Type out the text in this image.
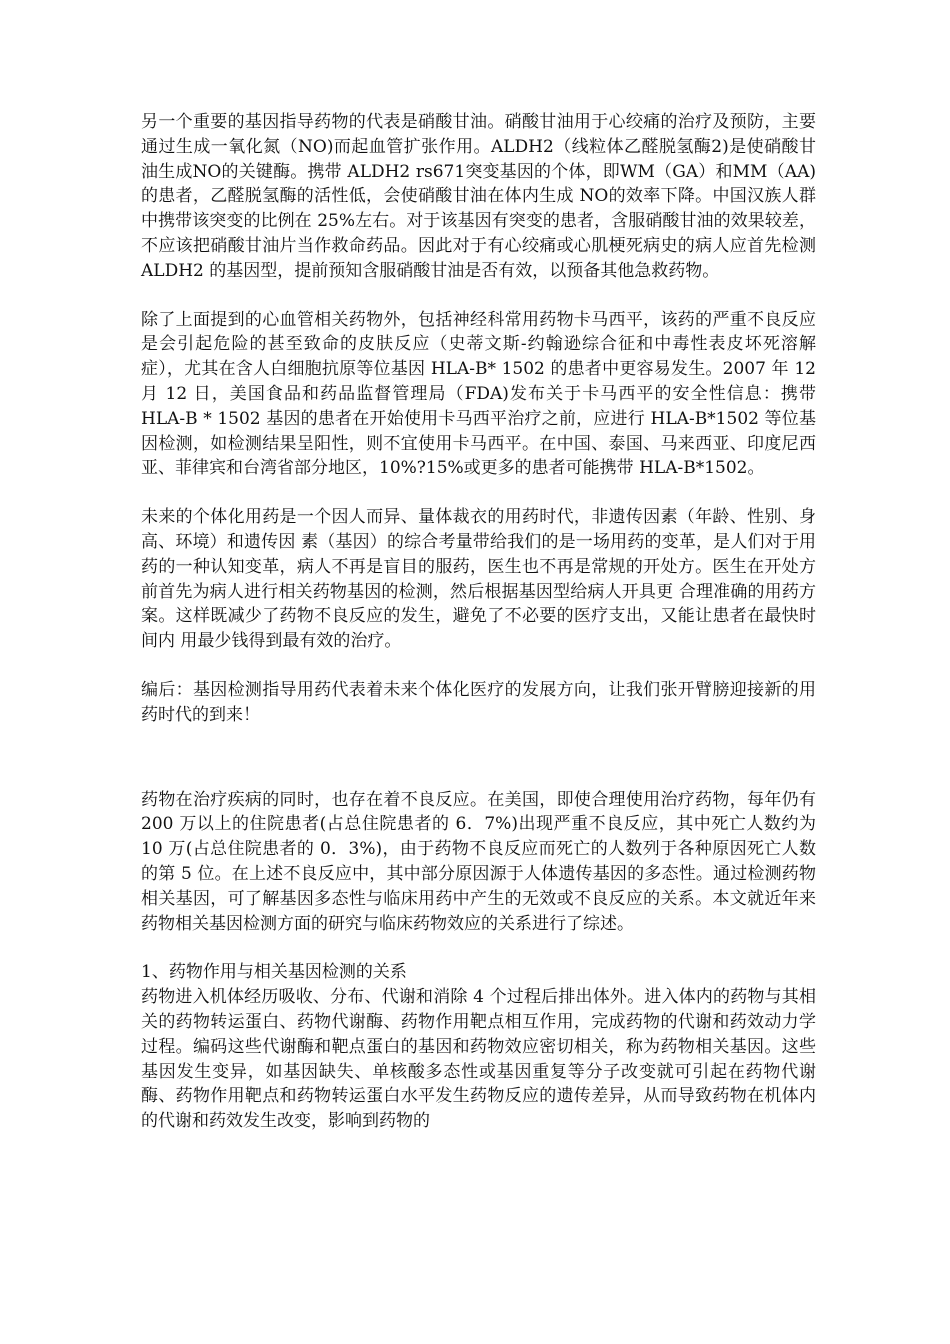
另一个重要的基因指导药物的代表是硝酸甘油。硝酸甘油用于心绞痛的治疗及预防，主要通过生成一氧化氮（NO)而起血管扩张作用。ALDH2（线粒体乙醛脱氢酶2)是使硝酸甘油生成NO的关键酶。携带 ALDH2 rs671突变基因的个体，即WM（GA）和MM（AA)的患者，乙醛脱氢酶的活性低，会使硝酸甘油在体内生成 NO的效率下降。中国汉族人群中携带该突变的比例在 25%左右。对于该基因有突变的患者，含服硝酸甘油的效果较差，不应该把硝酸甘油片当作救命药品。因此对于有心绞痛或心肌梗死病史的病人应首先检测 ALDH2 的基因型，提前预知含服硝酸甘油是否有效，以预备其他急救药物。

除了上面提到的心血管相关药物外，包括神经科常用药物卡马西平，该药的严重不良反应是会引起危险的甚至致命的皮肤反应（史蒂文斯-约翰逊综合征和中毒性表皮坏死溶解症），尤其在含人白细胞抗原等位基因 HLA-B* 1502 的患者中更容易发生。2007 年 12 月 12 日，美国食品和药品监督管理局（FDA)发布关于卡马西平的安全性信息：携带 HLA-B * 1502 基因的患者在开始使用卡马西平治疗之前，应进行 HLA-B*1502 等位基因检测，如检测结果呈阳性，则不宜使用卡马西平。在中国、泰国、马来西亚、印度尼西亚、菲律宾和台湾省部分地区，10%?15%或更多的患者可能携带 HLA-B*1502。

未来的个体化用药是一个因人而异、量体裁衣的用药时代，非遗传因素（年龄、性别、身高、环境）和遗传因 素（基因）的综合考量带给我们的是一场用药的变革，是人们对于用药的一种认知变革，病人不再是盲目的服药，医生也不再是常规的开处方。医生在开处方前首先为病人进行相关药物基因的检测，然后根据基因型给病人开具更 合理准确的用药方案。这样既减少了药物不良反应的发生，避免了不必要的医疗支出，又能让患者在最快时间内 用最少钱得到最有效的治疗。

编后：基因检测指导用药代表着未来个体化医疗的发展方向，让我们张开臂膀迎接新的用药时代的到来！

药物在治疗疾病的同时，也存在着不良反应。在美国，即使合理使用治疗药物，每年仍有 200 万以上的住院患者(占总住院患者的 6．7%)出现严重不良反应，其中死亡人数约为 10 万(占总住院患者的 0．3%)，由于药物不良反应而死亡的人数列于各种原因死亡人数的第 5 位。在上述不良反应中，其中部分原因源于人体遗传基因的多态性。通过检测药物相关基因，可了解基因多态性与临床用药中产生的无效或不良反应的关系。本文就近年来药物相关基因检测方面的研究与临床药物效应的关系进行了综述。

1、药物作用与相关基因检测的关系

药物进入机体经历吸收、分布、代谢和消除 4 个过程后排出体外。进入体内的药物与其相关的药物转运蛋白、药物代谢酶、药物作用靶点相互作用，完成药物的代谢和药效动力学过程。编码这些代谢酶和靶点蛋白的基因和药物效应密切相关，称为药物相关基因。这些基因发生变异，如基因缺失、单核酸多态性或基因重复等分子改变就可引起在药物代谢酶、药物作用靶点和药物转运蛋白水平发生药物反应的遗传差异，从而导致药物在机体内的代谢和药效发生改变，影响到药物的
